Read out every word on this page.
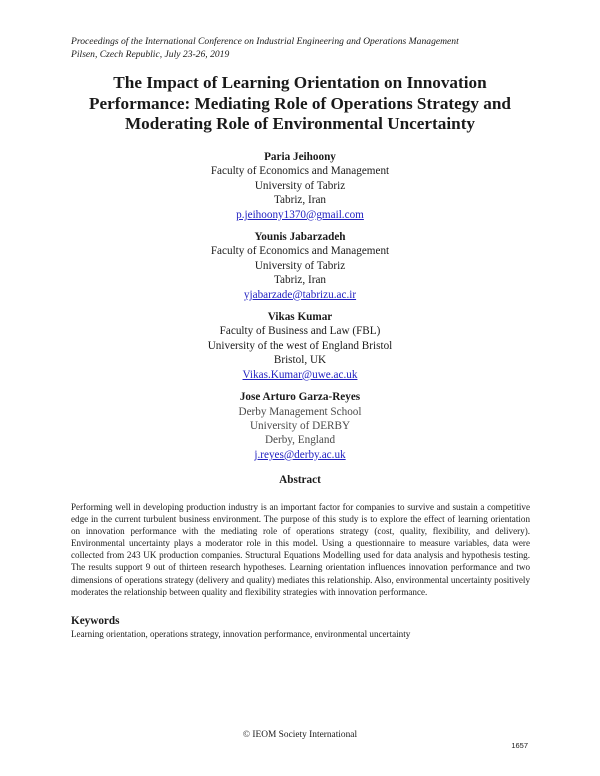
Proceedings of the International Conference on Industrial Engineering and Operations Management
Pilsen, Czech Republic, July 23-26, 2019
The Impact of Learning Orientation on Innovation
Performance: Mediating Role of Operations Strategy and
Moderating Role of Environmental Uncertainty
Paria Jeihoony
Faculty of Economics and Management
University of Tabriz
Tabriz, Iran
p.jeihoony1370@gmail.com
Younis Jabarzadeh
Faculty of Economics and Management
University of Tabriz
Tabriz, Iran
yjabarzade@tabrizu.ac.ir
Vikas Kumar
Faculty of Business and Law (FBL)
University of the west of England Bristol
Bristol, UK
Vikas.Kumar@uwe.ac.uk
Jose Arturo Garza-Reyes
Derby Management School
University of DERBY
Derby, England
j.reyes@derby.ac.uk
Abstract
Performing well in developing production industry is an important factor for companies to survive and sustain a competitive edge in the current turbulent business environment. The purpose of this study is to explore the effect of learning orientation on innovation performance with the mediating role of operations strategy (cost, quality, flexibility, and delivery). Environmental uncertainty plays a moderator role in this model. Using a questionnaire to measure variables, data were collected from 243 UK production companies. Structural Equations Modelling used for data analysis and hypothesis testing. The results support 9 out of thirteen research hypotheses. Learning orientation influences innovation performance and two dimensions of operations strategy (delivery and quality) mediates this relationship. Also, environmental uncertainty positively moderates the relationship between quality and flexibility strategies with innovation performance.
Keywords
Learning orientation, operations strategy, innovation performance, environmental uncertainty
© IEOM Society International
1657
